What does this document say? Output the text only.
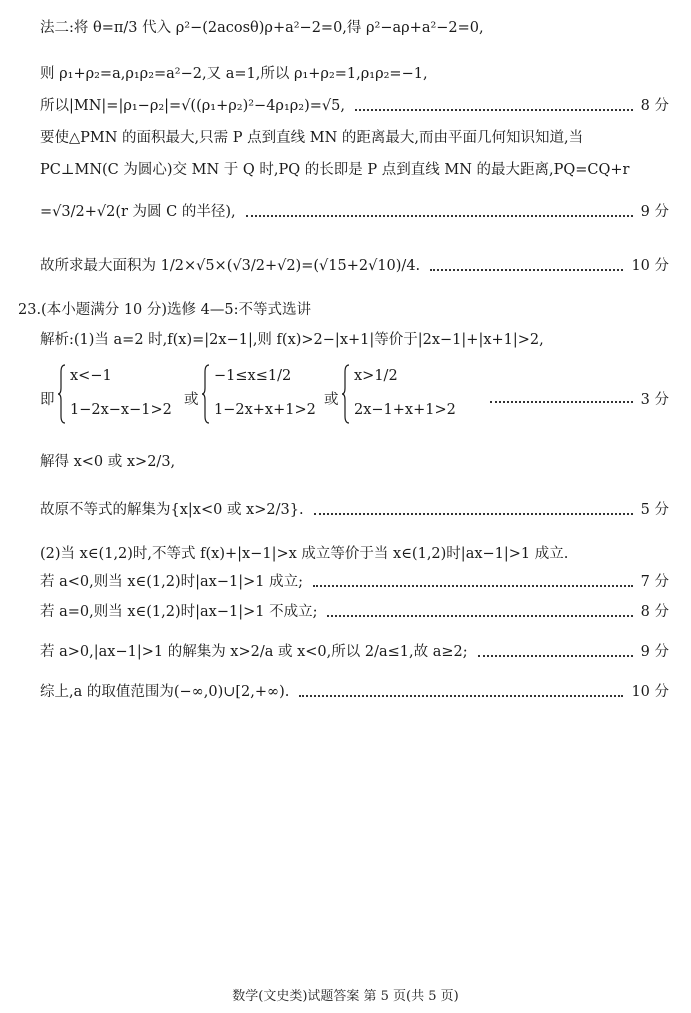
法二:将 θ=π/3 代入 ρ²−(2acosθ)ρ+a²−2=0,得 ρ²−aρ+a²−2=0,
则 ρ₁+ρ₂=a,ρ₁ρ₂=a²−2,又 a=1,所以 ρ₁+ρ₂=1,ρ₁ρ₂=−1,
所以|MN|=|ρ₁−ρ₂|=√((ρ₁+ρ₂)²−4ρ₁ρ₂)=√5,	8 分
要使△PMN 的面积最大,只需 P 点到直线 MN 的距离最大,而由平面几何知识知道,当
PC⊥MN(C 为圆心)交 MN 于 Q 时,PQ 的长即是 P 点到直线 MN 的最大距离,PQ=CQ+r
=√3/2+√2(r 为圆 C 的半径),	9 分
故所求最大面积为 1/2×√5×(√3/2+√2)=(√15+2√10)/4.	10 分
23.(本小题满分 10 分)选修 4—5:不等式选讲
解析:(1)当 a=2 时,f(x)=|2x−1|,则 f(x)>2−|x+1|等价于|2x−1|+|x+1|>2,
即
x<−1
1−2x−x−1>2
或
−1≤x≤1/2
1−2x+x+1>2
或
x>1/2
2x−1+x+1>2
3 分
解得 x<0 或 x>2/3,
故原不等式的解集为{x|x<0 或 x>2/3}.	5 分
(2)当 x∈(1,2)时,不等式 f(x)+|x−1|>x 成立等价于当 x∈(1,2)时|ax−1|>1 成立.
若 a<0,则当 x∈(1,2)时|ax−1|>1 成立;	7 分
若 a=0,则当 x∈(1,2)时|ax−1|>1 不成立;	8 分
若 a>0,|ax−1|>1 的解集为 x>2/a 或 x<0,所以 2/a≤1,故 a≥2;	9 分
综上,a 的取值范围为(−∞,0)∪[2,+∞).	10 分
数学(文史类)试题答案 第 5 页(共 5 页)
